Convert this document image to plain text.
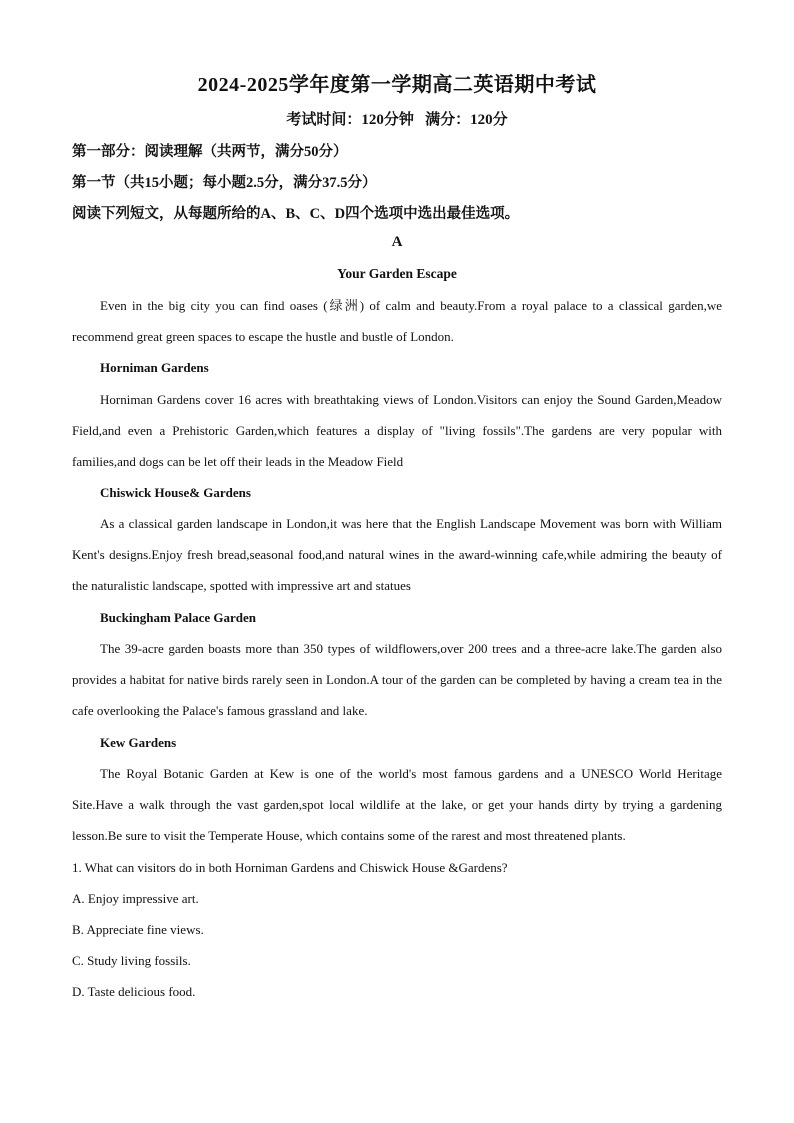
2024-2025学年度第一学期高二英语期中考试
考试时间：120分钟   满分：120分
第一部分：阅读理解（共两节，满分50分）
第一节（共15小题；每小题2.5分，满分37.5分）
阅读下列短文，从每题所给的A、B、C、D四个选项中选出最佳选项。
A
Your Garden Escape

Even in the big city you can find oases (绿洲) of calm and beauty.From a royal palace to a classical garden,we recommend great green spaces to escape the hustle and bustle of London.

Horniman Gardens

Horniman Gardens cover 16 acres with breathtaking views of London.Visitors can enjoy the Sound Garden,Meadow Field,and even a Prehistoric Garden,which features a display of "living fossils".The gardens are very popular with families,and dogs can be let off their leads in the Meadow Field

Chiswick House& Gardens

As a classical garden landscape in London,it was here that the English Landscape Movement was born with William Kent's designs.Enjoy fresh bread,seasonal food,and natural wines in the award-winning cafe,while admiring the beauty of the naturalistic landscape, spotted with impressive art and statues

Buckingham Palace Garden

The 39-acre garden boasts more than 350 types of wildflowers,over 200 trees and a three-acre lake.The garden also provides a habitat for native birds rarely seen in London.A tour of the garden can be completed by having a cream tea in the cafe overlooking the Palace's famous grassland and lake.

Kew Gardens

The Royal Botanic Garden at Kew is one of the world's most famous gardens and a UNESCO World Heritage Site.Have a walk through the vast garden,spot local wildlife at the lake, or get your hands dirty by trying a gardening lesson.Be sure to visit the Temperate House, which contains some of the rarest and most threatened plants.

1. What can visitors do in both Horniman Gardens and Chiswick House &Gardens?
A. Enjoy impressive art.
B. Appreciate fine views.
C. Study living fossils.
D. Taste delicious food.
